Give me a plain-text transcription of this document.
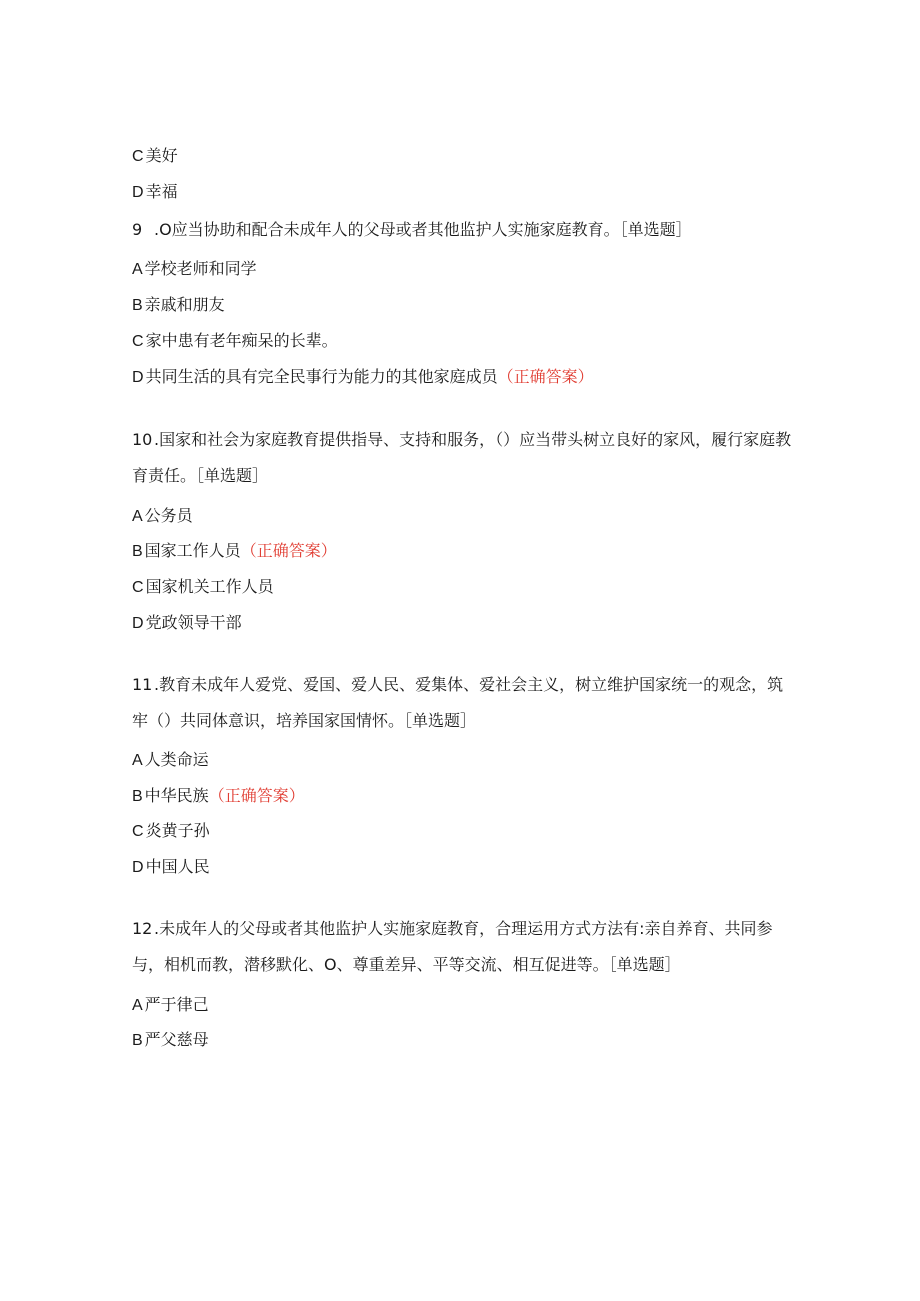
C 美好
D 幸福
9 .O应当协助和配合未成年人的父母或者其他监护人实施家庭教育。［单选题］
A 学校老师和同学
B 亲戚和朋友
C 家中患有老年痴呆的长辈。
D 共同生活的具有完全民事行为能力的其他家庭成员（正确答案）
10 .国家和社会为家庭教育提供指导、支持和服务，（）应当带头树立良好的家风，履行家庭教育责任。［单选题］
A 公务员
B 国家工作人员（正确答案）
C 国家机关工作人员
D 党政领导干部
11 .教育未成年人爱党、爱国、爱人民、爱集体、爱社会主义，树立维护国家统一的观念，筑牢（）共同体意识，培养国家国情怀。［单选题］
A 人类命运
B 中华民族（正确答案）
C 炎黄子孙
D 中国人民
12 .未成年人的父母或者其他监护人实施家庭教育，合理运用方式方法有:亲自养育、共同参与，相机而教，潜移默化、O、尊重差异、平等交流、相互促进等。［单选题］
A 严于律己
B 严父慈母
